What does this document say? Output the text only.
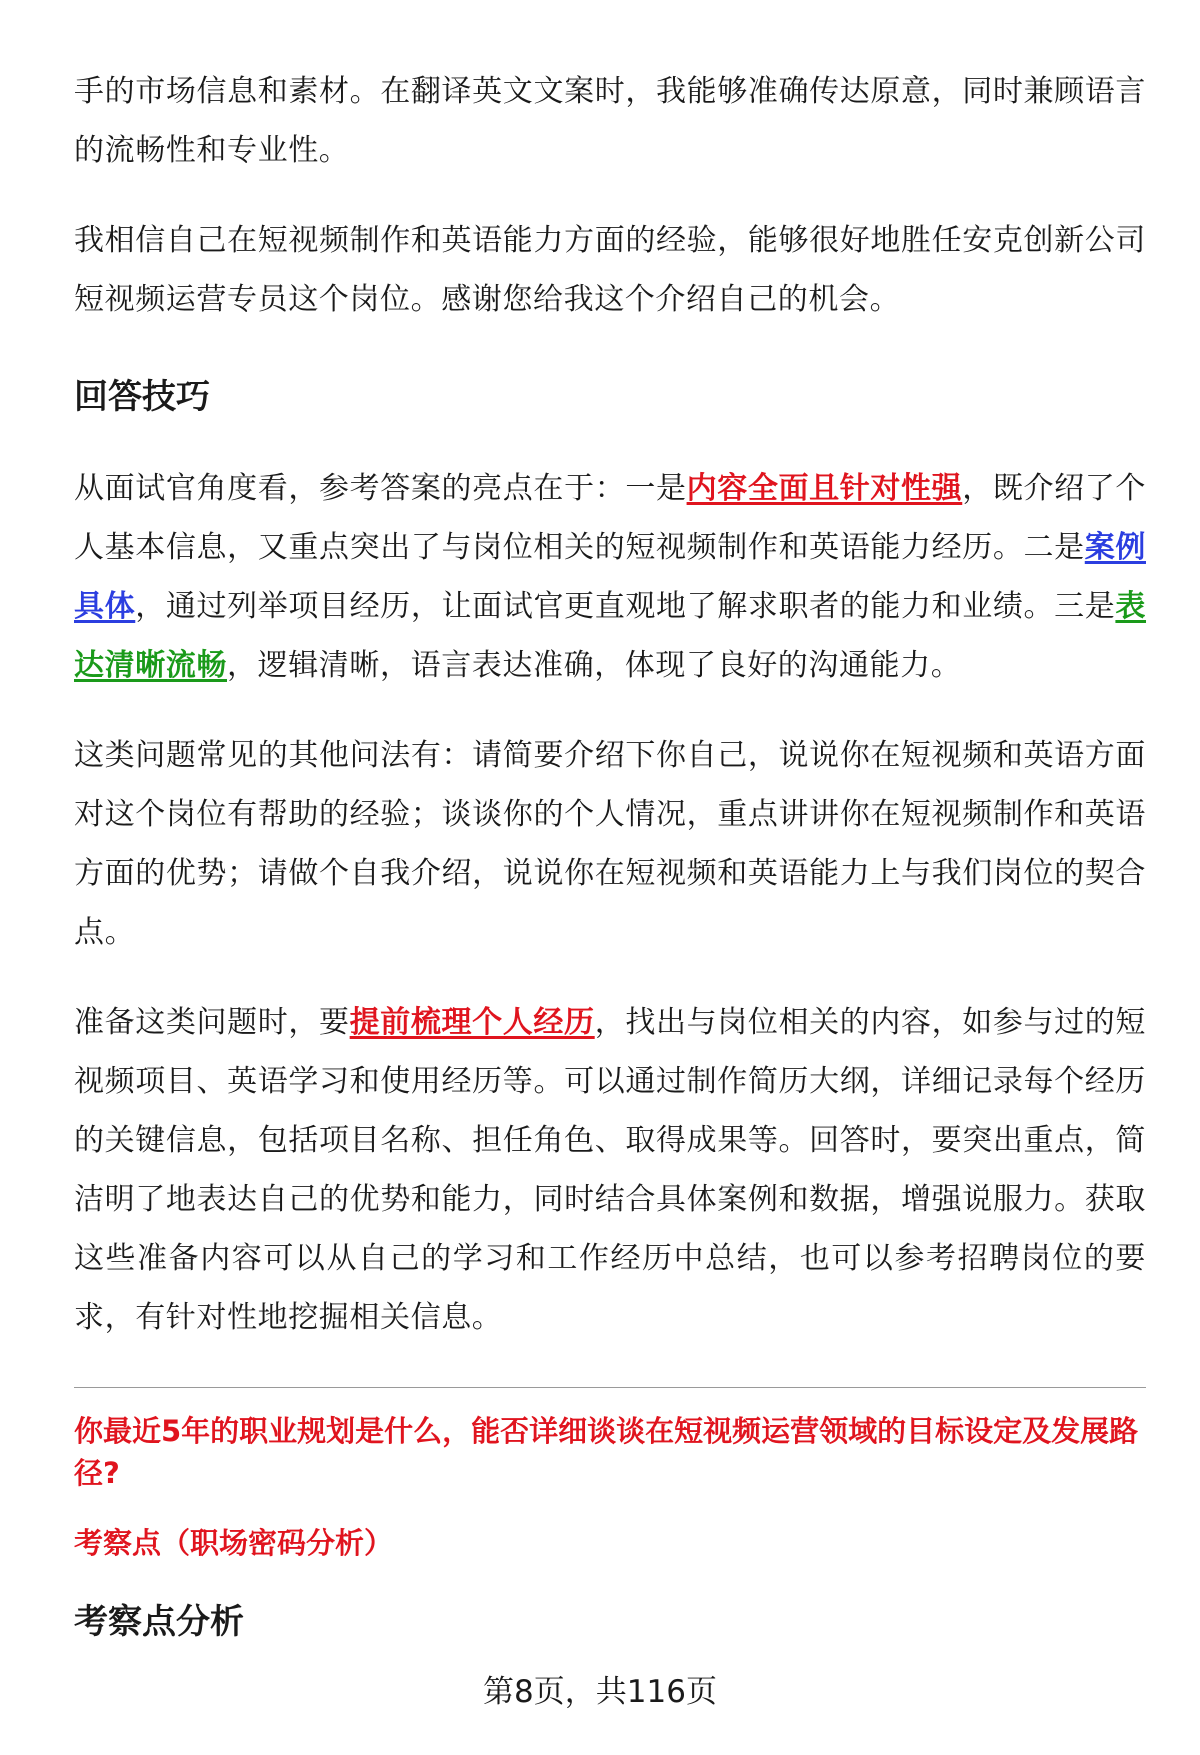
手的市场信息和素材。在翻译英文文案时，我能够准确传达原意，同时兼顾语言的流畅性和专业性。

我相信自己在短视频制作和英语能力方面的经验，能够很好地胜任安克创新公司短视频运营专员这个岗位。感谢您给我这个介绍自己的机会。

回答技巧

从面试官角度看，参考答案的亮点在于：一是内容全面且针对性强，既介绍了个人基本信息，又重点突出了与岗位相关的短视频制作和英语能力经历。二是案例具体，通过列举项目经历，让面试官更直观地了解求职者的能力和业绩。三是表达清晰流畅，逻辑清晰，语言表达准确，体现了良好的沟通能力。

这类问题常见的其他问法有：请简要介绍下你自己，说说你在短视频和英语方面对这个岗位有帮助的经验；谈谈你的个人情况，重点讲讲你在短视频制作和英语方面的优势；请做个自我介绍，说说你在短视频和英语能力上与我们岗位的契合点。

准备这类问题时，要提前梳理个人经历，找出与岗位相关的内容，如参与过的短视频项目、英语学习和使用经历等。可以通过制作简历大纲，详细记录每个经历的关键信息，包括项目名称、担任角色、取得成果等。回答时，要突出重点，简洁明了地表达自己的优势和能力，同时结合具体案例和数据，增强说服力。获取这些准备内容可以从自己的学习和工作经历中总结，也可以参考招聘岗位的要求，有针对性地挖掘相关信息。

你最近5年的职业规划是什么，能否详细谈谈在短视频运营领域的目标设定及发展路径?
考察点（职场密码分析）
考察点分析
第8页，共116页
